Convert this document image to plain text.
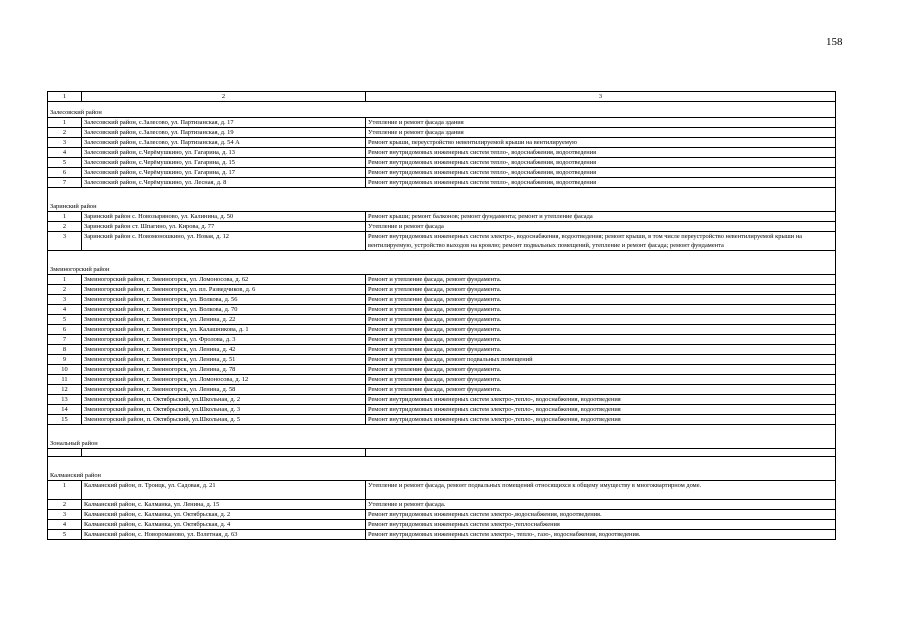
158
1	2	3
Залесовский район		
1	Залесовский район, с.Залесово, ул. Партизанская, д. 17	Утепление и ремонт фасада здания
2	Залесовский район, с.Залесово, ул. Партизанская, д. 19	Утепление и ремонт фасада здания
3	Залесовский район, с.Залесово, ул. Партизанская, д. 54 А	Ремонт крыши, переустройство невентилируемой крыши на вентилируемую
4	Залесовский район, с.Черёмушкино, ул. Гагарина, д. 13	Ремонт внутридомовых инженерных систем тепло-, водоснабжения, водоотведения
5	Залесовский район, с.Черёмушкино, ул. Гагарина, д. 15	Ремонт внутридомовых инженерных систем тепло-, водоснабжения, водоотведения
6	Залесовский район, с.Черёмушкино, ул. Гагарина, д. 17	Ремонт внутридомовых инженерных систем тепло-, водоснабжения, водоотведения
7	Залесовский район, с.Черёмушкино, ул. Лесная, д. 8	Ремонт внутридомовых инженерных систем тепло-, водоснабжения, водоотведения
Заринский район		
1	Заринский район с. Новозыряново, ул. Калинина, д. 50	Ремонт крыши; ремонт балконов; ремонт фундамента; ремонт и утепление фасада
2	Заринский район ст. Шпагино, ул. Кирова, д. 77	Утепление и ремонт фасада
3	Заринский район с. Новомоношкино, ул. Новая, д. 12	Ремонт внутридомовых инженерных систем электро-, водоснабжения, водоотведения; ремонт крыши, в том числе переустройство невентилируемой крыши на вентилируемую, устройство выходов на кровлю; ремонт подвальных помещений, утепление и ремонт фасада; ремонт фундамента
Змеиногорский район		
1	Змеиногорский район, г. Змеиногорск, ул. Ломоносова, д. 62	Ремонт и утепление фасада, ремонт фундамента.
2	Змеиногорский район, г. Змеиногорск, ул. пл. Разведчиков, д. 6	Ремонт и утепление фасада, ремонт фундамента.
3	Змеиногорский район, г. Змеиногорск, ул. Волкова, д. 56	Ремонт и утепление фасада, ремонт фундамента.
4	Змеиногорский район, г. Змеиногорск, ул. Волкова, д. 70	Ремонт и утепление фасада, ремонт фундамента.
5	Змеиногорский район, г. Змеиногорск, ул. Ленина, д. 22	Ремонт и утепление фасада, ремонт фундамента.
6	Змеиногорский район, г. Змеиногорск, ул. Калашникова, д. 1	Ремонт и утепление фасада, ремонт фундамента.
7	Змеиногорский район, г. Змеиногорск, ул. Фролова, д. 3	Ремонт и утепление фасада, ремонт фундамента.
8	Змеиногорский район, г. Змеиногорск, ул. Ленина, д. 42	Ремонт и утепление фасада, ремонт фундамента.
9	Змеиногорский район, г. Змеиногорск, ул. Ленина, д. 51	Ремонт и утепление фасада, ремонт подвальных помещений
10	Змеиногорский район, г. Змеиногорск, ул. Ленина, д. 78	Ремонт и утепление фасада, ремонт фундамента.
11	Змеиногорский район, г. Змеиногорск, ул. Ломоносова, д. 12	Ремонт и утепление фасада, ремонт фундамента.
12	Змеиногорский район, г. Змеиногорск, ул. Ленина, д. 58	Ремонт и утепление фасада, ремонт фундамента.
13	Змеиногорский район, п. Октябрьский, ул.Школьная, д. 2	Ремонт внутридомовых инженерных систем электро-,тепло-, водоснабжения, водоотведения
14	Змеиногорский район, п. Октябрьский, ул.Школьная, д. 3	Ремонт внутридомовых инженерных систем электро-,тепло-, водоснабжения, водоотведения
15	Змеиногорский район, п. Октябрьский, ул.Школьная, д. 5	Ремонт внутридомовых инженерных систем электро-,тепло-, водоснабжения, водоотведения
Зональный район		

Калманский район		
1	Калманский район, п. Троицк, ул. Садовая, д. 21	Утепление и ремонт фасада, ремонт подвальных помещений относящихся к общему имуществу в многоквартирном доме.
2	Калманский район, с. Калманка, ул. Ленина, д. 15	Утепление и ремонт фасада.
3	Калманский район, с. Калманка, ул. Октябрьская, д. 2	Ремонт внутридомовых инженерных систем электро-,водоснабжения, водоотведения.
4	Калманский район, с. Калманка, ул. Октябрьская, д. 4	Ремонт внутридомовых инженерных систем электро-,теплоснабжения
5	Калманский район, с. Новороманово, ул. Взлетная, д. 63	Ремонт внутридомовых инженерных систем электро-, тепло-, газо-, водоснабжения, водоотведения.
